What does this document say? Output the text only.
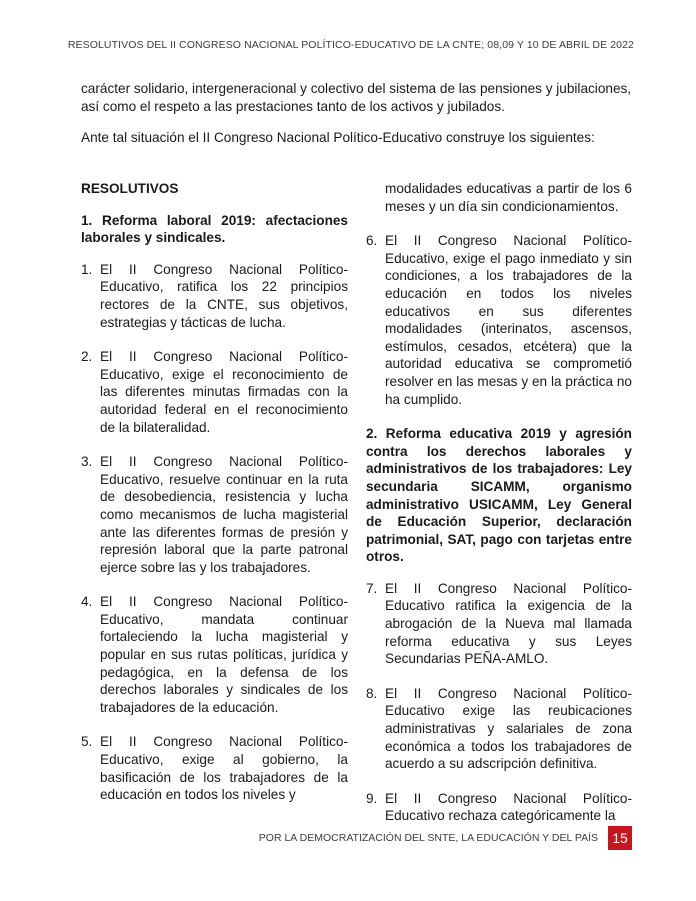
RESOLUTIVOS DEL II CONGRESO NACIONAL POLÍTICO-EDUCATIVO DE LA CNTE; 08,09 Y 10 DE ABRIL DE 2022

carácter solidario, intergeneracional y colectivo del sistema de las pensiones y jubilaciones, así como el respeto a las prestaciones tanto de los activos y jubilados.

Ante tal situación el II Congreso Nacional Político-Educativo construye los siguientes:

RESOLUTIVOS
1. Reforma laboral 2019: afectaciones laborales y sindicales.
1. El II Congreso Nacional Político-Educativo, ratifica los 22 principios rectores de la CNTE, sus objetivos, estrategias y tácticas de lucha.
2. El II Congreso Nacional Político-Educativo, exige el reconocimiento de las diferentes minutas firmadas con la autoridad federal en el reconocimiento de la bilateralidad.
3. El II Congreso Nacional Político-Educativo, resuelve continuar en la ruta de desobediencia, resistencia y lucha como mecanismos de lucha magisterial ante las diferentes formas de presión y represión laboral que la parte patronal ejerce sobre las y los trabajadores.
4. El II Congreso Nacional Político-Educativo, mandata continuar fortaleciendo la lucha magisterial y popular en sus rutas políticas, jurídica y pedagógica, en la defensa de los derechos laborales y sindicales de los trabajadores de la educación.
5. El II Congreso Nacional Político-Educativo, exige al gobierno, la basificación de los trabajadores de la educación en todos los niveles y
modalidades educativas a partir de los 6 meses y un día sin condicionamientos.
6. El II Congreso Nacional Político-Educativo, exige el pago inmediato y sin condiciones, a los trabajadores de la educación en todos los niveles educativos en sus diferentes modalidades (interinatos, ascensos, estímulos, cesados, etcétera) que la autoridad educativa se comprometió resolver en las mesas y en la práctica no ha cumplido.
2. Reforma educativa 2019 y agresión contra los derechos laborales y administrativos de los trabajadores: Ley secundaria SICAMM, organismo administrativo USICAMM, Ley General de Educación Superior, declaración patrimonial, SAT, pago con tarjetas entre otros.
7. El II Congreso Nacional Político-Educativo ratifica la exigencia de la abrogación de la Nueva mal llamada reforma educativa y sus Leyes Secundarias PEÑA-AMLO.
8. El II Congreso Nacional Político-Educativo exige las reubicaciones administrativas y salariales de zona económica a todos los trabajadores de acuerdo a su adscripción definitiva.
9. El II Congreso Nacional Político-Educativo rechaza categóricamente la
POR LA DEMOCRATIZACIÓN DEL SNTE, LA EDUCACIÓN Y DEL PAÍS	15
